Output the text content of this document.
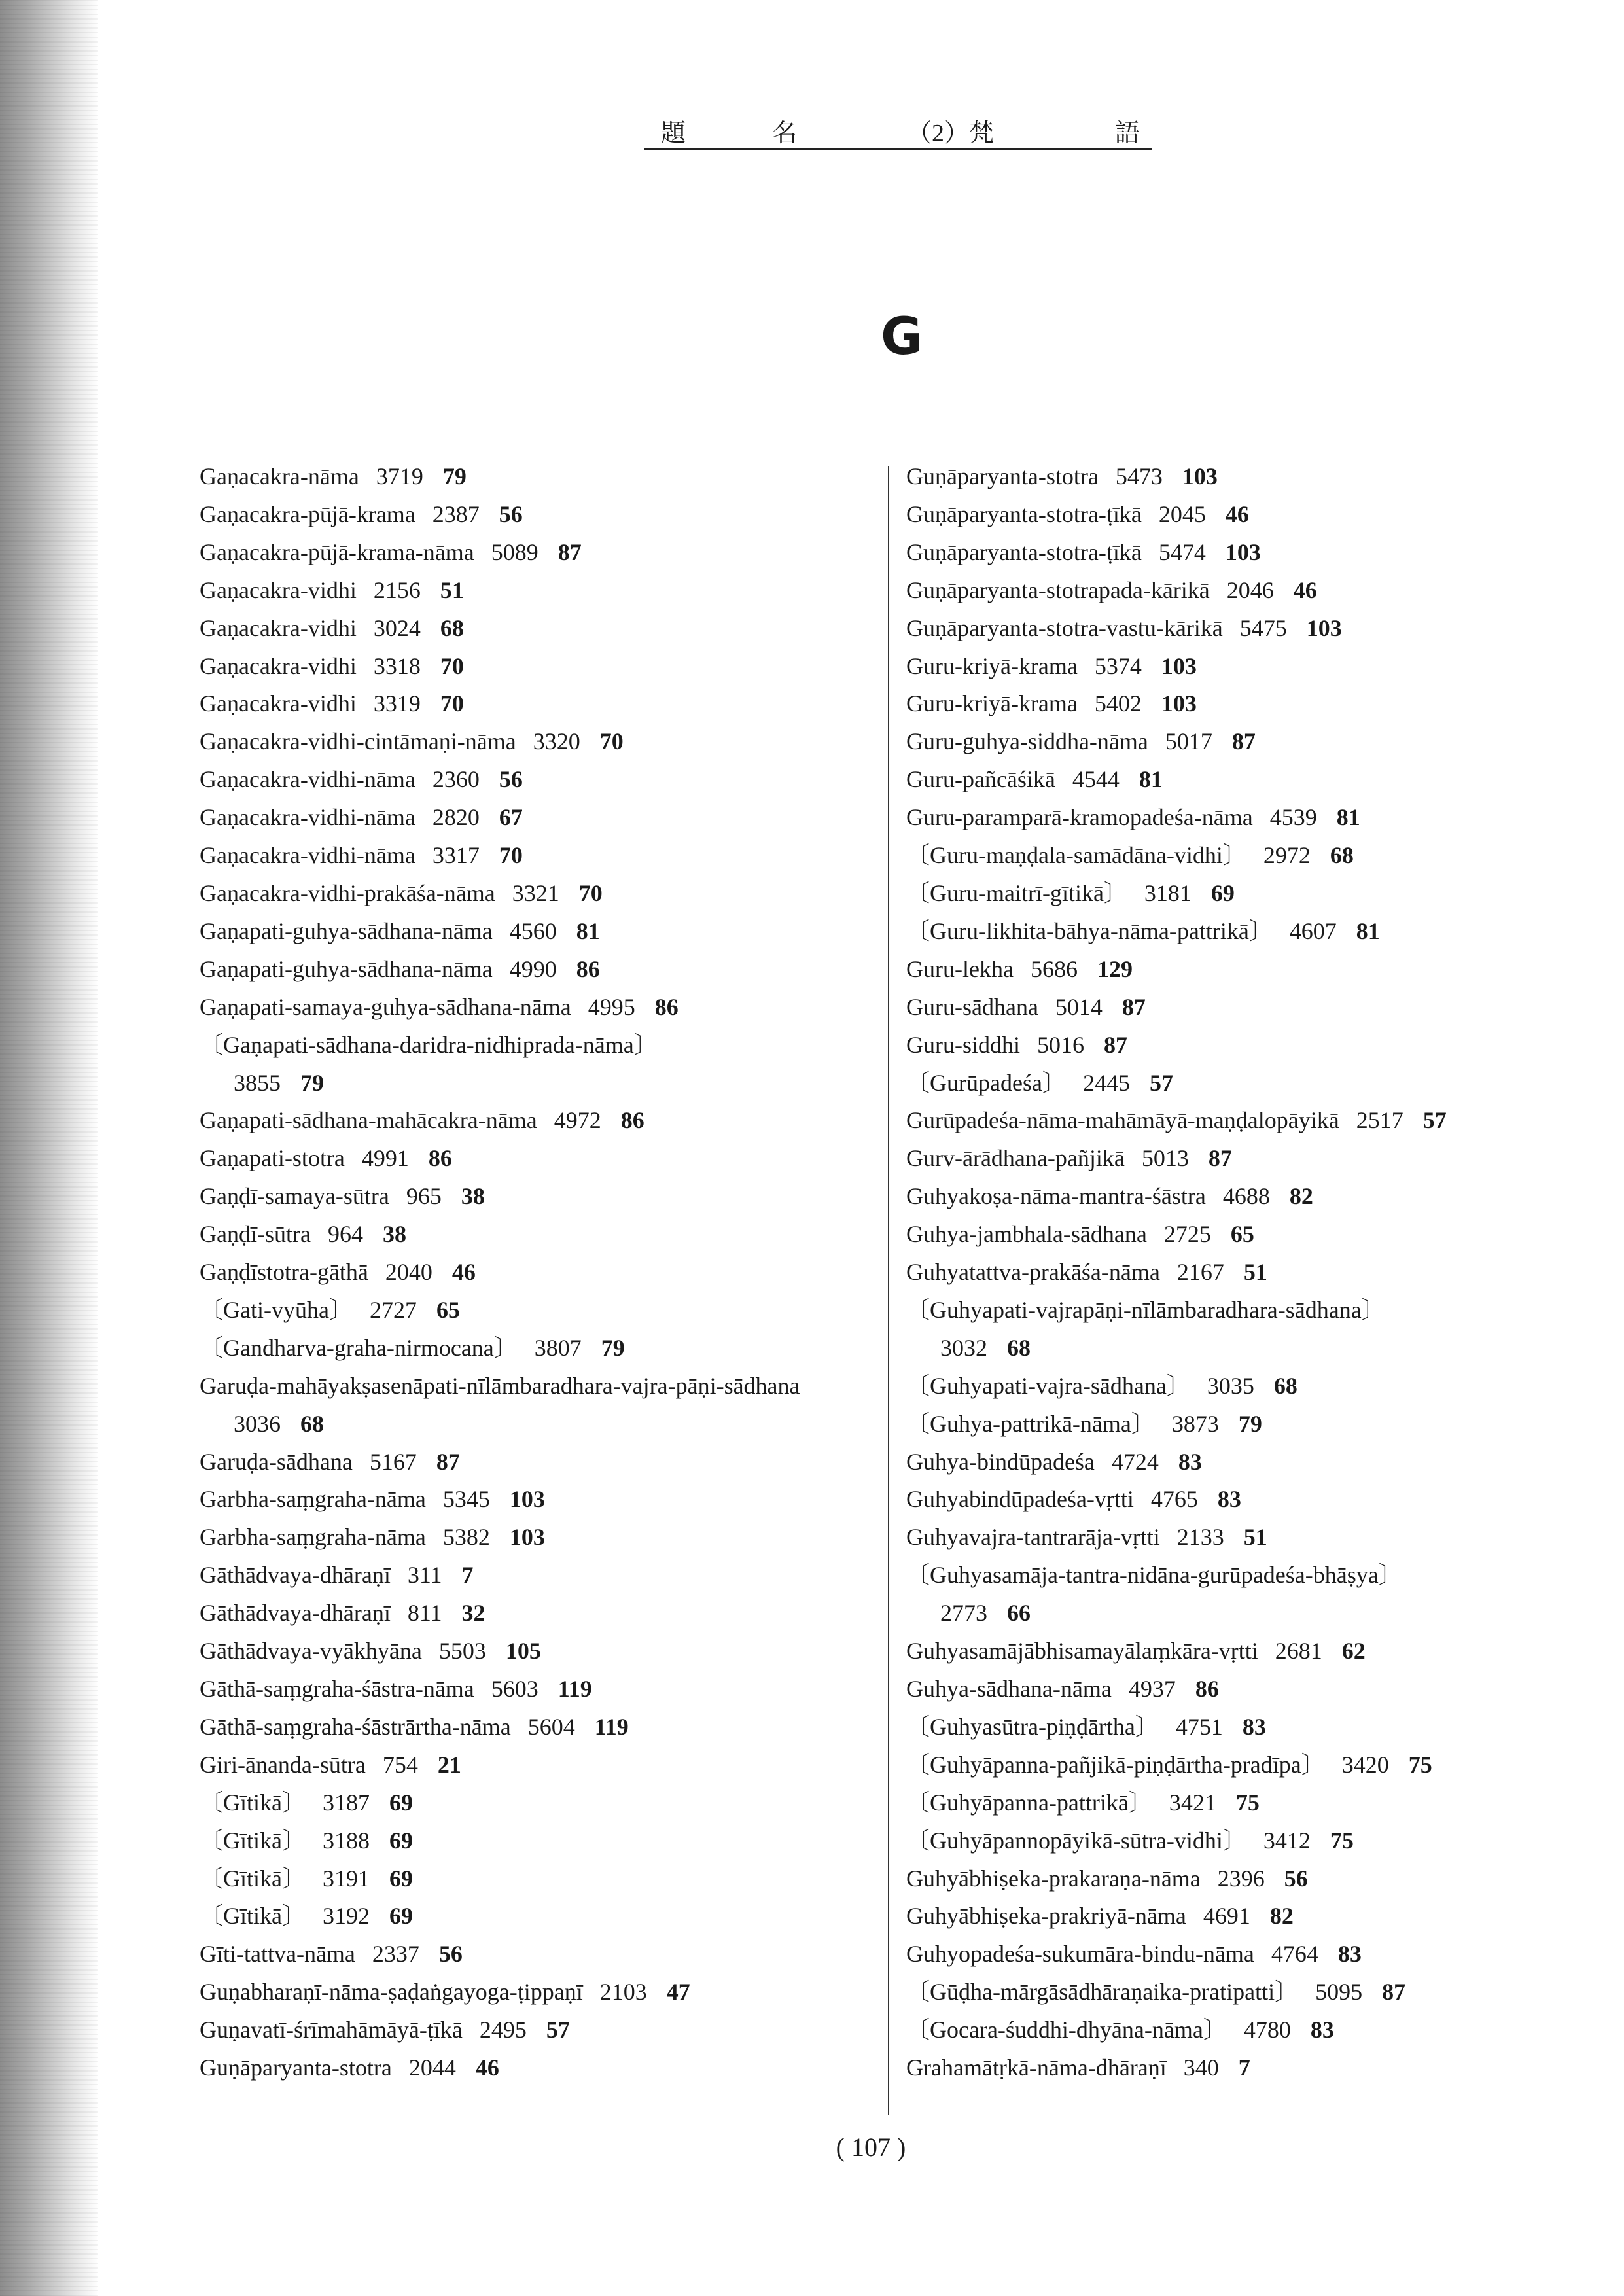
題	名	（2）梵	語
G
Gaṇacakra-nāma 3719 79
Gaṇacakra-pūjā-krama 2387 56
Gaṇacakra-pūjā-krama-nāma 5089 87
Gaṇacakra-vidhi 2156 51
Gaṇacakra-vidhi 3024 68
Gaṇacakra-vidhi 3318 70
Gaṇacakra-vidhi 3319 70
Gaṇacakra-vidhi-cintāmaṇi-nāma 3320 70
Gaṇacakra-vidhi-nāma 2360 56
Gaṇacakra-vidhi-nāma 2820 67
Gaṇacakra-vidhi-nāma 3317 70
Gaṇacakra-vidhi-prakāśa-nāma 3321 70
Gaṇapati-guhya-sādhana-nāma 4560 81
Gaṇapati-guhya-sādhana-nāma 4990 86
Gaṇapati-samaya-guhya-sādhana-nāma 4995 86
〔Gaṇapati-sādhana-daridra-nidhiprada-nāma〕
3855 79
Gaṇapati-sādhana-mahācakra-nāma 4972 86
Gaṇapati-stotra 4991 86
Gaṇḍī-samaya-sūtra 965 38
Gaṇḍī-sūtra 964 38
Gaṇḍīstotra-gāthā 2040 46
〔Gati-vyūha〕 2727 65
〔Gandharva-graha-nirmocana〕 3807 79
Garuḍa-mahāyakṣasenāpati-nīlāmbaradhara-vajra-pāṇi-sādhana
3036 68
Garuḍa-sādhana 5167 87
Garbha-saṃgraha-nāma 5345 103
Garbha-saṃgraha-nāma 5382 103
Gāthādvaya-dhāraṇī 311 7
Gāthādvaya-dhāraṇī 811 32
Gāthādvaya-vyākhyāna 5503 105
Gāthā-saṃgraha-śāstra-nāma 5603 119
Gāthā-saṃgraha-śāstrārtha-nāma 5604 119
Giri-ānanda-sūtra 754 21
〔Gītikā〕 3187 69
〔Gītikā〕 3188 69
〔Gītikā〕 3191 69
〔Gītikā〕 3192 69
Gīti-tattva-nāma 2337 56
Guṇabharaṇī-nāma-ṣaḍaṅgayoga-ṭippaṇī 2103 47
Guṇavatī-śrīmahāmāyā-ṭīkā 2495 57
Guṇāparyanta-stotra 2044 46
Guṇāparyanta-stotra 5473 103
Guṇāparyanta-stotra-ṭīkā 2045 46
Guṇāparyanta-stotra-ṭīkā 5474 103
Guṇāparyanta-stotrapada-kārikā 2046 46
Guṇāparyanta-stotra-vastu-kārikā 5475 103
Guru-kriyā-krama 5374 103
Guru-kriyā-krama 5402 103
Guru-guhya-siddha-nāma 5017 87
Guru-pañcāśikā 4544 81
Guru-paramparā-kramopadeśa-nāma 4539 81
〔Guru-maṇḍala-samādāna-vidhi〕 2972 68
〔Guru-maitrī-gītikā〕 3181 69
〔Guru-likhita-bāhya-nāma-pattrikā〕 4607 81
Guru-lekha 5686 129
Guru-sādhana 5014 87
Guru-siddhi 5016 87
〔Gurūpadeśa〕 2445 57
Gurūpadeśa-nāma-mahāmāyā-maṇḍalopāyikā 2517 57
Gurv-ārādhana-pañjikā 5013 87
Guhyakoṣa-nāma-mantra-śāstra 4688 82
Guhya-jambhala-sādhana 2725 65
Guhyatattva-prakāśa-nāma 2167 51
〔Guhyapati-vajrapāṇi-nīlāmbaradhara-sādhana〕
3032 68
〔Guhyapati-vajra-sādhana〕 3035 68
〔Guhya-pattrikā-nāma〕 3873 79
Guhya-bindūpadeśa 4724 83
Guhyabindūpadeśa-vṛtti 4765 83
Guhyavajra-tantrarāja-vṛtti 2133 51
〔Guhyasamāja-tantra-nidāna-gurūpadeśa-bhāṣya〕
2773 66
Guhyasamājābhisamayālaṃkāra-vṛtti 2681 62
Guhya-sādhana-nāma 4937 86
〔Guhyasūtra-piṇḍārtha〕 4751 83
〔Guhyāpanna-pañjikā-piṇḍārtha-pradīpa〕 3420 75
〔Guhyāpanna-pattrikā〕 3421 75
〔Guhyāpannopāyikā-sūtra-vidhi〕 3412 75
Guhyābhiṣeka-prakaraṇa-nāma 2396 56
Guhyābhiṣeka-prakriyā-nāma 4691 82
Guhyopadeśa-sukumāra-bindu-nāma 4764 83
〔Gūḍha-mārgāsādhāraṇaika-pratipatti〕 5095 87
〔Gocara-śuddhi-dhyāna-nāma〕 4780 83
Grahamātṛkā-nāma-dhāraṇī 340 7
( 107 )
